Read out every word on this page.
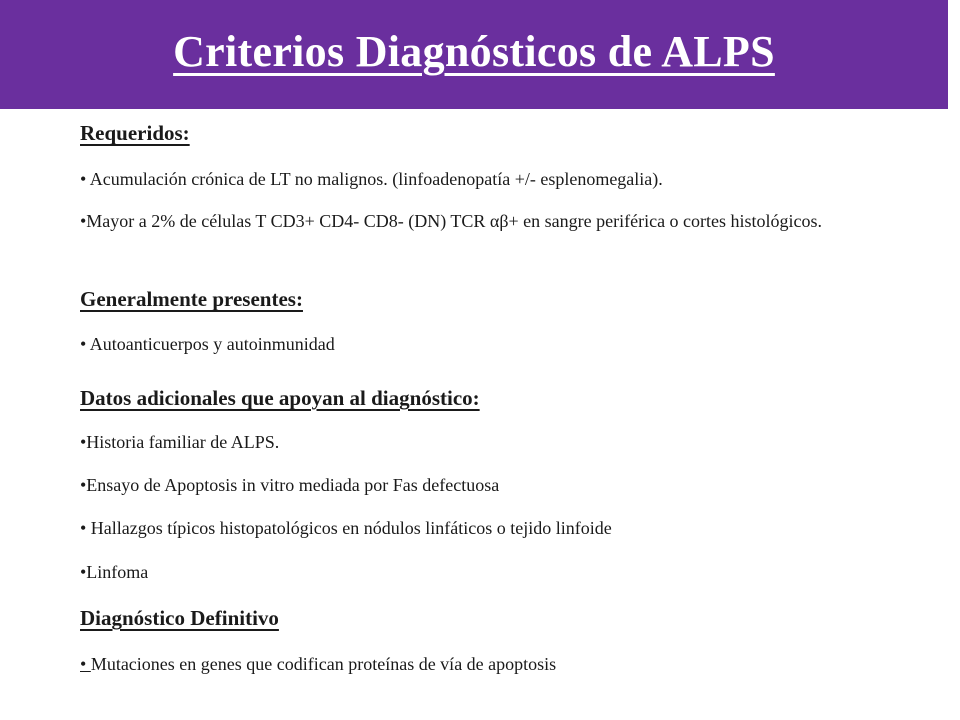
Criterios Diagnósticos de ALPS
Requeridos:
• Acumulación crónica de LT no malignos. (linfoadenopatía +/- esplenomegalia).
•Mayor a 2% de células T CD3+ CD4- CD8- (DN) TCR αβ+ en sangre periférica o cortes histológicos.
Generalmente presentes:
• Autoanticuerpos y autoinmunidad
Datos adicionales que apoyan al diagnóstico:
•Historia familiar de ALPS.
•Ensayo de Apoptosis in vitro mediada por Fas defectuosa
• Hallazgos típicos histopatológicos en nódulos linfáticos o tejido linfoide
•Linfoma
Diagnóstico Definitivo
• Mutaciones en genes que codifican proteínas de vía de apoptosis
